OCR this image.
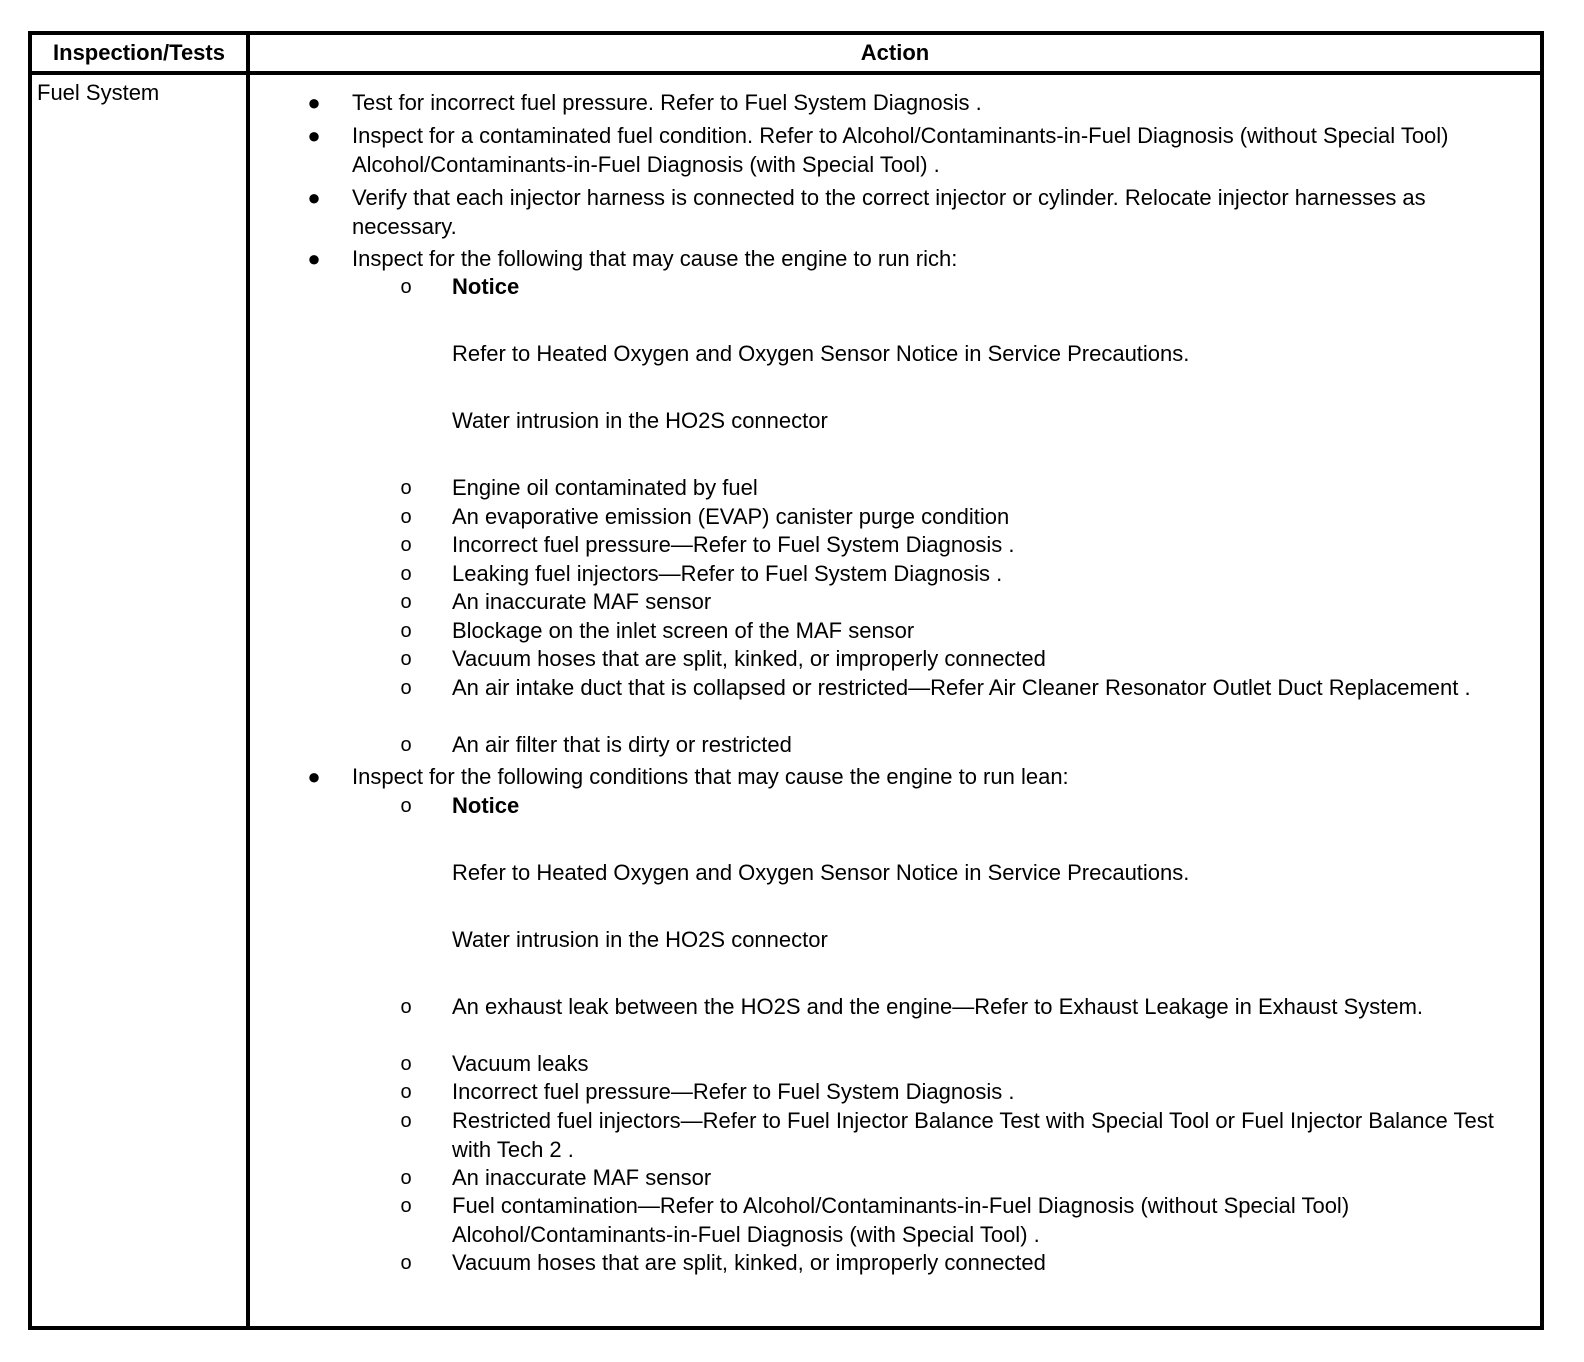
Inspection/Tests	Action
Fuel System	● Test for incorrect fuel pressure. Refer to Fuel System Diagnosis .
● Inspect for a contaminated fuel condition. Refer to Alcohol/Contaminants-in-Fuel Diagnosis (without Special Tool) Alcohol/Contaminants-in-Fuel Diagnosis (with Special Tool) .
● Verify that each injector harness is connected to the correct injector or cylinder. Relocate injector harnesses as necessary.
● Inspect for the following that may cause the engine to run rich:
o Notice
Refer to Heated Oxygen and Oxygen Sensor Notice in Service Precautions.
Water intrusion in the HO2S connector
o Engine oil contaminated by fuel
o An evaporative emission (EVAP) canister purge condition
o Incorrect fuel pressure—Refer to Fuel System Diagnosis .
o Leaking fuel injectors—Refer to Fuel System Diagnosis .
o An inaccurate MAF sensor
o Blockage on the inlet screen of the MAF sensor
o Vacuum hoses that are split, kinked, or improperly connected
o An air intake duct that is collapsed or restricted—Refer Air Cleaner Resonator Outlet Duct Replacement .
o An air filter that is dirty or restricted
● Inspect for the following conditions that may cause the engine to run lean:
o Notice
Refer to Heated Oxygen and Oxygen Sensor Notice in Service Precautions.
Water intrusion in the HO2S connector
o An exhaust leak between the HO2S and the engine—Refer to Exhaust Leakage in Exhaust System.
o Vacuum leaks
o Incorrect fuel pressure—Refer to Fuel System Diagnosis .
o Restricted fuel injectors—Refer to Fuel Injector Balance Test with Special Tool or Fuel Injector Balance Test with Tech 2 .
o An inaccurate MAF sensor
o Fuel contamination—Refer to Alcohol/Contaminants-in-Fuel Diagnosis (without Special Tool) Alcohol/Contaminants-in-Fuel Diagnosis (with Special Tool) .
o Vacuum hoses that are split, kinked, or improperly connected
